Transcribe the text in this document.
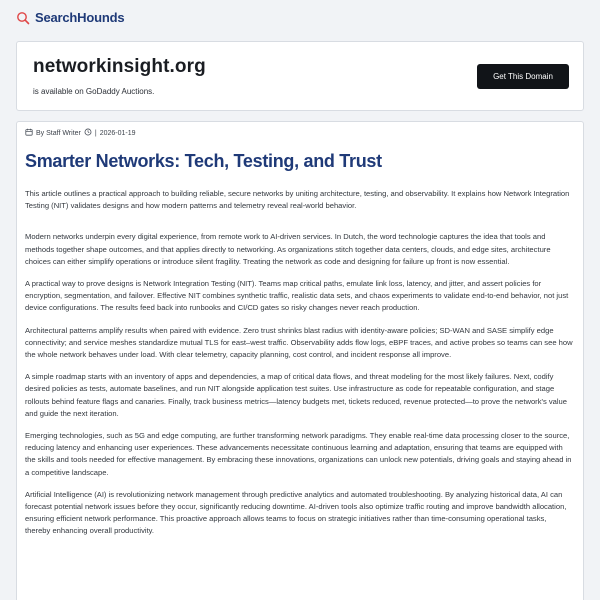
SearchHounds
networkinsight.org
is available on GoDaddy Auctions.
Get This Domain
By Staff Writer | 2026-01-19
Smarter Networks: Tech, Testing, and Trust

This article outlines a practical approach to building reliable, secure networks by uniting architecture, testing, and observability. It explains how Network Integration Testing (NIT) validates designs and how modern patterns and telemetry reveal real-world behavior.

Modern networks underpin every digital experience, from remote work to AI-driven services. In Dutch, the word technologie captures the idea that tools and methods together shape outcomes, and that applies directly to networking. As organizations stitch together data centers, clouds, and edge sites, architecture choices can either simplify operations or introduce silent fragility. Treating the network as code and designing for failure up front is now essential.

A practical way to prove designs is Network Integration Testing (NIT). Teams map critical paths, emulate link loss, latency, and jitter, and assert policies for encryption, segmentation, and failover. Effective NIT combines synthetic traffic, realistic data sets, and chaos experiments to validate end-to-end behavior, not just device configurations. The results feed back into runbooks and CI/CD gates so risky changes never reach production.

Architectural patterns amplify results when paired with evidence. Zero trust shrinks blast radius with identity-aware policies; SD-WAN and SASE simplify edge connectivity; and service meshes standardize mutual TLS for east–west traffic. Observability adds flow logs, eBPF traces, and active probes so teams can see how the whole network behaves under load. With clear telemetry, capacity planning, cost control, and incident response all improve.

A simple roadmap starts with an inventory of apps and dependencies, a map of critical data flows, and threat modeling for the most likely failures. Next, codify desired policies as tests, automate baselines, and run NIT alongside application test suites. Use infrastructure as code for repeatable configuration, and stage rollouts behind feature flags and canaries. Finally, track business metrics—latency budgets met, tickets reduced, revenue protected—to prove the network's value and guide the next iteration.

Emerging technologies, such as 5G and edge computing, are further transforming network paradigms. They enable real-time data processing closer to the source, reducing latency and enhancing user experiences. These advancements necessitate continuous learning and adaptation, ensuring that teams are equipped with the skills and tools needed for effective management. By embracing these innovations, organizations can unlock new potentials, driving goals and staying ahead in a competitive landscape.

Artificial Intelligence (AI) is revolutionizing network management through predictive analytics and automated troubleshooting. By analyzing historical data, AI can forecast potential network issues before they occur, significantly reducing downtime. AI-driven tools also optimize traffic routing and improve bandwidth allocation, ensuring efficient network performance. This proactive approach allows teams to focus on strategic initiatives rather than time-consuming operational tasks, thereby enhancing overall productivity.
